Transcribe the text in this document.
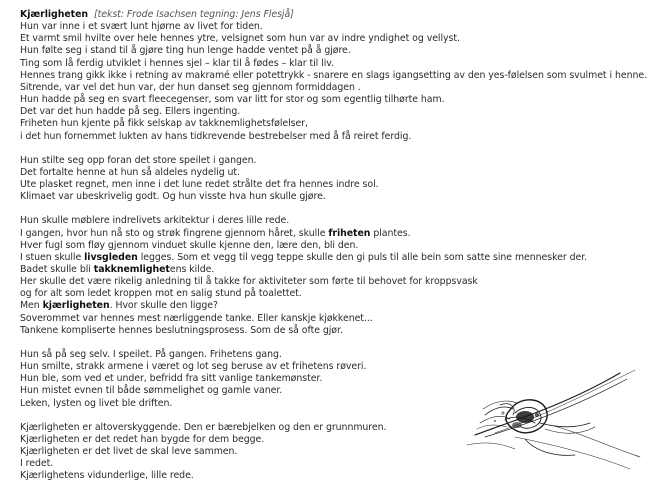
Kjærligheten [tekst: Frode Isachsen tegning: Jens Flesjå]
Hun var inne i et svært lunt hjørne av livet for tiden.
Et varmt smil hvilte over hele hennes ytre, velsignet som hun var av indre yndighet og vellyst.
Hun følte seg i stand til å gjøre ting hun lenge hadde ventet på å gjøre.
Ting som lå ferdig utviklet i hennes sjel – klar til å fødes – klar til liv.
Hennes trang gikk ikke i retning av makramé eller potettrykk - snarere en slags igangsetting av den yes-følelsen som svulmet i henne.
Sitrende, var vel det hun var, der hun danset seg gjennom formiddagen .
Hun hadde på seg en svart fleecegenser, som var litt for stor og som egentlig tilhørte ham.
Det var det hun hadde på seg. Ellers ingenting.
Friheten hun kjente på fikk selskap av takknemlighetsfølelser,
i det hun fornemmet lukten av hans tidkrevende bestrebelser med å få reiret ferdig.
Hun stilte seg opp foran det store speilet i gangen.
Det fortalte henne at hun så aldeles nydelig ut.
Ute plasket regnet, men inne i det lune redet strålte det fra hennes indre sol.
Klimaet var ubeskrivelig godt. Og hun visste hva hun skulle gjøre.
Hun skulle møblere indrelivets arkitektur i deres lille rede.
I gangen, hvor hun nå sto og strøk fingrene gjennom håret, skulle friheten plantes.
Hver fugl som fløy gjennom vinduet skulle kjenne den, lære den, bli den.
I stuen skulle livsgleden legges. Som et vegg til vegg teppe skulle den gi puls til alle bein som satte sine mennesker der.
Badet skulle bli takknemlighetens kilde.
Her skulle det være rikelig anledning til å takke for aktiviteter som førte til behovet for kroppsvask
og for alt som ledet kroppen mot en salig stund på toalettet.
Men kjærligheten. Hvor skulle den ligge?
Soverommet var hennes mest nærliggende tanke. Eller kanskje kjøkkenet...
Tankene kompliserte hennes beslutningsprosess. Som de så ofte gjør.
Hun så på seg selv. I speilet. På gangen. Frihetens gang.
Hun smilte, strakk armene i været og lot seg beruse av et frihetens røveri.
Hun ble, som ved et under, befridd fra sitt vanlige tankemønster.
Hun mistet evnen til både sømmelighet og gamle vaner.
Leken, lysten og livet ble driften.
Kjærligheten er altoverskyggende. Den er bærebjelken og den er grunnmuren.
Kjærligheten er det redet han bygde for dem begge.
Kjærligheten er det livet de skal leve sammen.
I redet.
Kjærlighetens vidunderlige, lille rede.
